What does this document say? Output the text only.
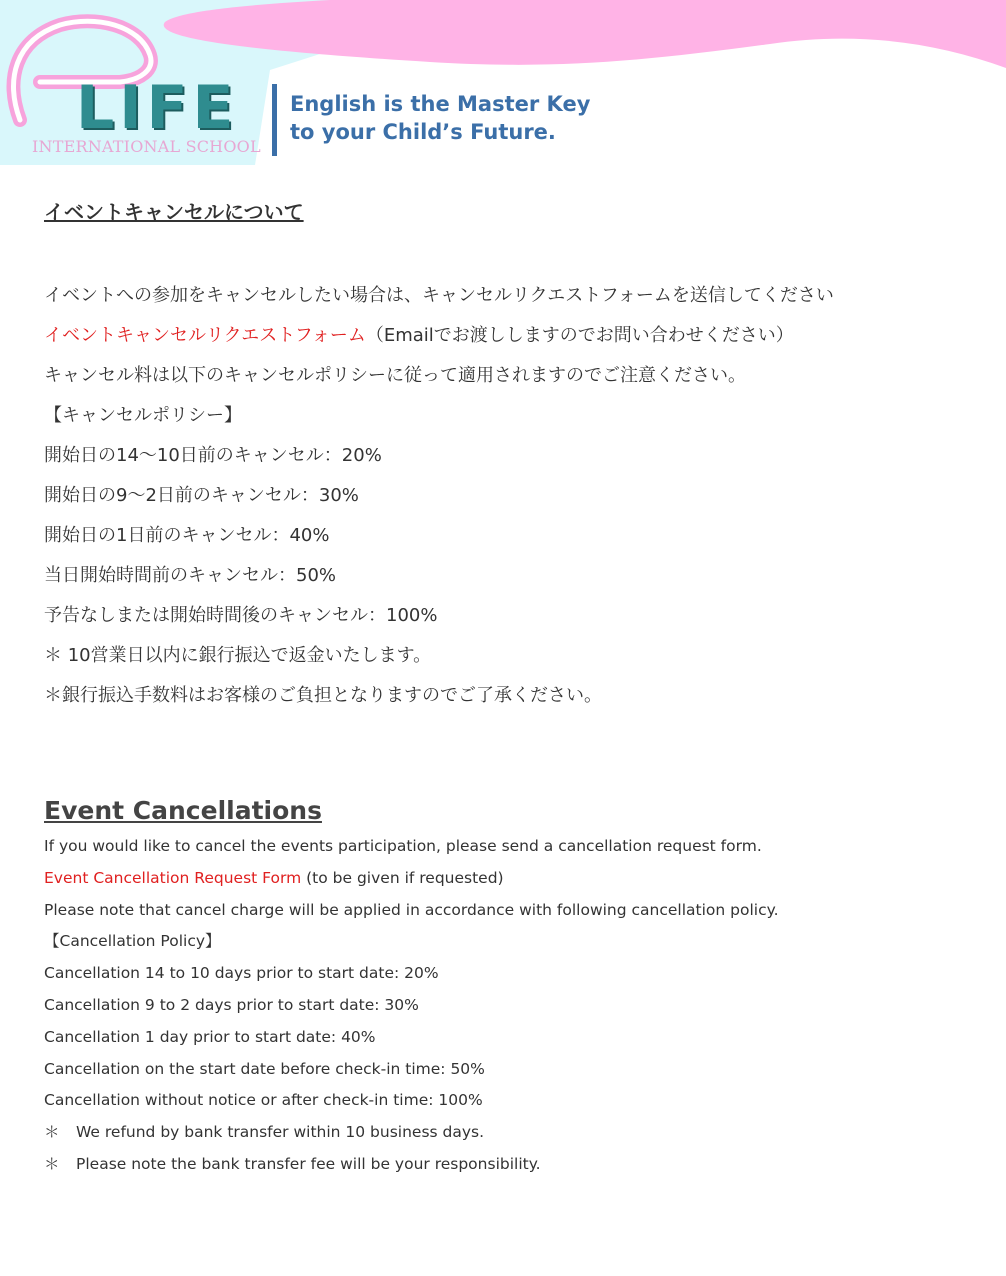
LIFE
INTERNATIONAL SCHOOL
English is the Master Key
to your Child’s Future.
イベントキャンセルについて
イベントへの参加をキャンセルしたい場合は、キャンセルリクエストフォームを送信してください
イベントキャンセルリクエストフォーム（Emailでお渡ししますのでお問い合わせください）
キャンセル料は以下のキャンセルポリシーに従って適用されますのでご注意ください。
【キャンセルポリシー】
開始日の14〜10日前のキャンセル：20%
開始日の9〜2日前のキャンセル：30%
開始日の1日前のキャンセル：40%
当日開始時間前のキャンセル：50%
予告なしまたは開始時間後のキャンセル：100%
＊ 10営業日以内に銀行振込で返金いたします。
＊銀行振込手数料はお客様のご負担となりますのでご了承ください。
Event Cancellations
If you would like to cancel the events participation, please send a cancellation request form.
Event Cancellation Request Form (to be given if requested)
Please note that cancel charge will be applied in accordance with following cancellation policy.
【Cancellation Policy】
Cancellation 14 to 10 days prior to start date: 20%
Cancellation 9 to 2 days prior to start date: 30%
Cancellation 1 day prior to start date: 40%
Cancellation on the start date before check-in time: 50%
Cancellation without notice or after check-in time: 100%
＊ We refund by bank transfer within 10 business days.
＊ Please note the bank transfer fee will be your responsibility.
